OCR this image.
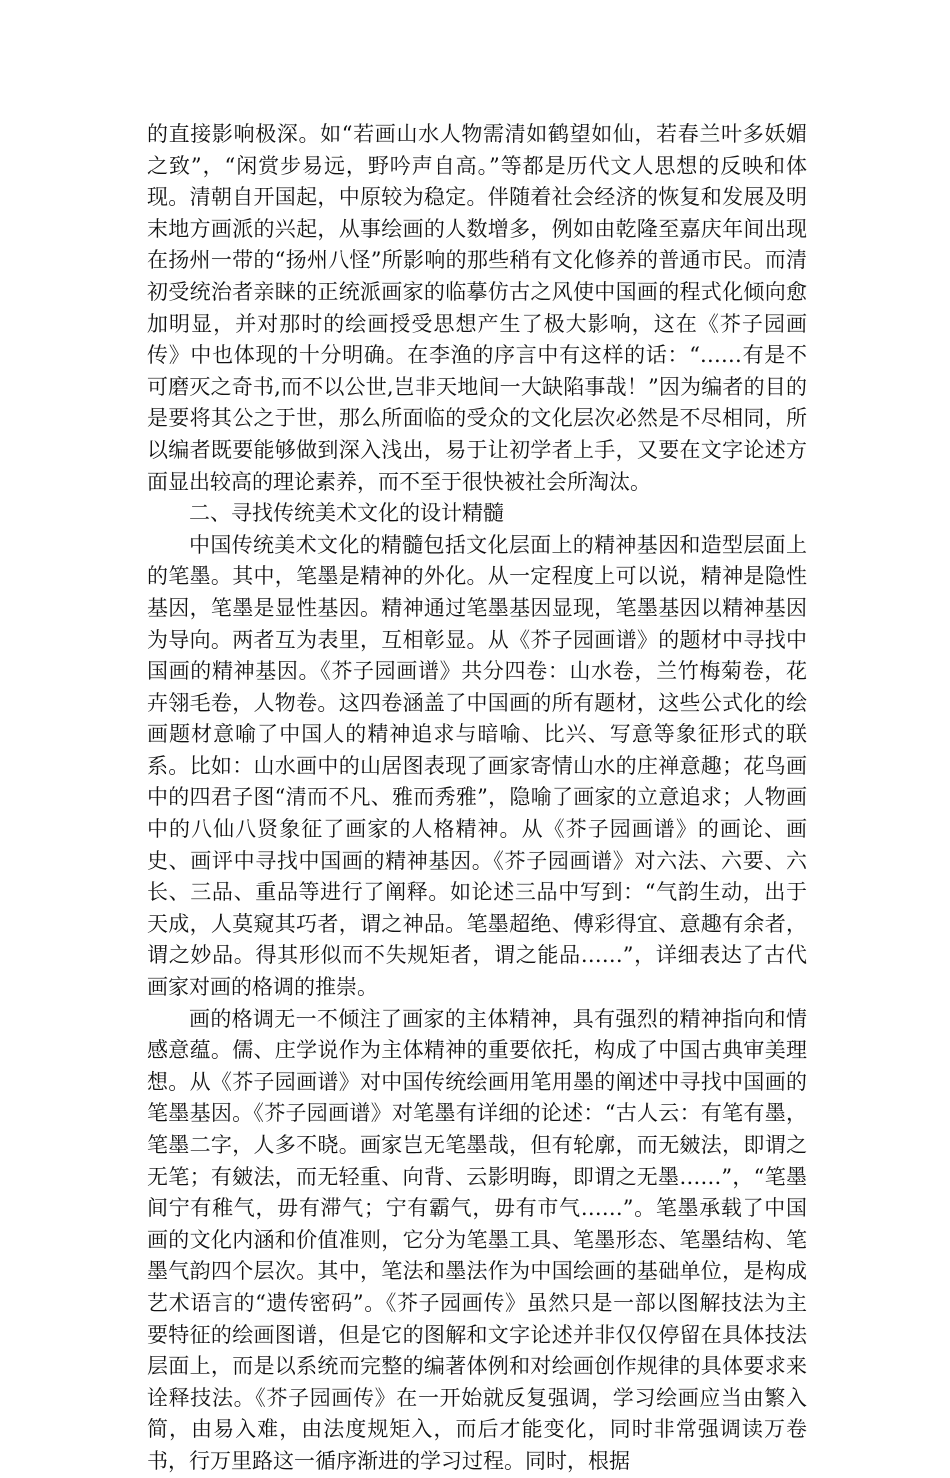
的直接影响极深。如“若画山水人物需清如鹤望如仙，若春兰叶多妖媚之致”，“闲赏步易远，野吟声自高。”等都是历代文人思想的反映和体现。清朝自开国起，中原较为稳定。伴随着社会经济的恢复和发展及明末地方画派的兴起，从事绘画的人数增多，例如由乾隆至嘉庆年间出现在扬州一带的“扬州八怪”所影响的那些稍有文化修养的普通市民。而清初受统治者亲睐的正统派画家的临摹仿古之风使中国画的程式化倾向愈加明显，并对那时的绘画授受思想产生了极大影响，这在《芥子园画传》中也体现的十分明确。在李渔的序言中有这样的话：“……有是不可磨灭之奇书,而不以公世,岂非天地间一大缺陷事哉！”因为编者的目的是要将其公之于世，那么所面临的受众的文化层次必然是不尽相同，所以编者既要能够做到深入浅出，易于让初学者上手，又要在文字论述方面显出较高的理论素养，而不至于很快被社会所淘汰。

二、寻找传统美术文化的设计精髓

中国传统美术文化的精髓包括文化层面上的精神基因和造型层面上的笔墨。其中，笔墨是精神的外化。从一定程度上可以说，精神是隐性基因，笔墨是显性基因。精神通过笔墨基因显现，笔墨基因以精神基因为导向。两者互为表里，互相彰显。从《芥子园画谱》的题材中寻找中国画的精神基因。《芥子园画谱》共分四卷：山水卷，兰竹梅菊卷，花卉翎毛卷，人物卷。这四卷涵盖了中国画的所有题材，这些公式化的绘画题材意喻了中国人的精神追求与暗喻、比兴、写意等象征形式的联系。比如：山水画中的山居图表现了画家寄情山水的庄禅意趣；花鸟画中的四君子图“清而不凡、雅而秀雅”，隐喻了画家的立意追求；人物画中的八仙八贤象征了画家的人格精神。从《芥子园画谱》的画论、画史、画评中寻找中国画的精神基因。《芥子园画谱》对六法、六要、六长、三品、重品等进行了阐释。如论述三品中写到：“气韵生动，出于天成，人莫窥其巧者，谓之神品。笔墨超绝、傅彩得宜、意趣有余者，谓之妙品。得其形似而不失规矩者，谓之能品……”，详细表达了古代画家对画的格调的推崇。

画的格调无一不倾注了画家的主体精神，具有强烈的精神指向和情感意蕴。儒、庄学说作为主体精神的重要依托，构成了中国古典审美理想。从《芥子园画谱》对中国传统绘画用笔用墨的阐述中寻找中国画的笔墨基因。《芥子园画谱》对笔墨有详细的论述：“古人云：有笔有墨，笔墨二字，人多不晓。画家岂无笔墨哉，但有轮廓，而无皴法，即谓之无笔；有皴法，而无轻重、向背、云影明晦，即谓之无墨……”，“笔墨间宁有稚气，毋有滞气；宁有霸气，毋有市气……”。笔墨承载了中国画的文化内涵和价值准则，它分为笔墨工具、笔墨形态、笔墨结构、笔墨气韵四个层次。其中，笔法和墨法作为中国绘画的基础单位，是构成艺术语言的“遗传密码”。《芥子园画传》虽然只是一部以图解技法为主要特征的绘画图谱，但是它的图解和文字论述并非仅仅停留在具体技法层面上，而是以系统而完整的编著体例和对绘画创作规律的具体要求来诠释技法。《芥子园画传》在一开始就反复强调，学习绘画应当由繁入简，由易入难，由法度规矩入，而后才能变化，同时非常强调读万卷书，行万里路这一循序渐进的学习过程。同时，根据
